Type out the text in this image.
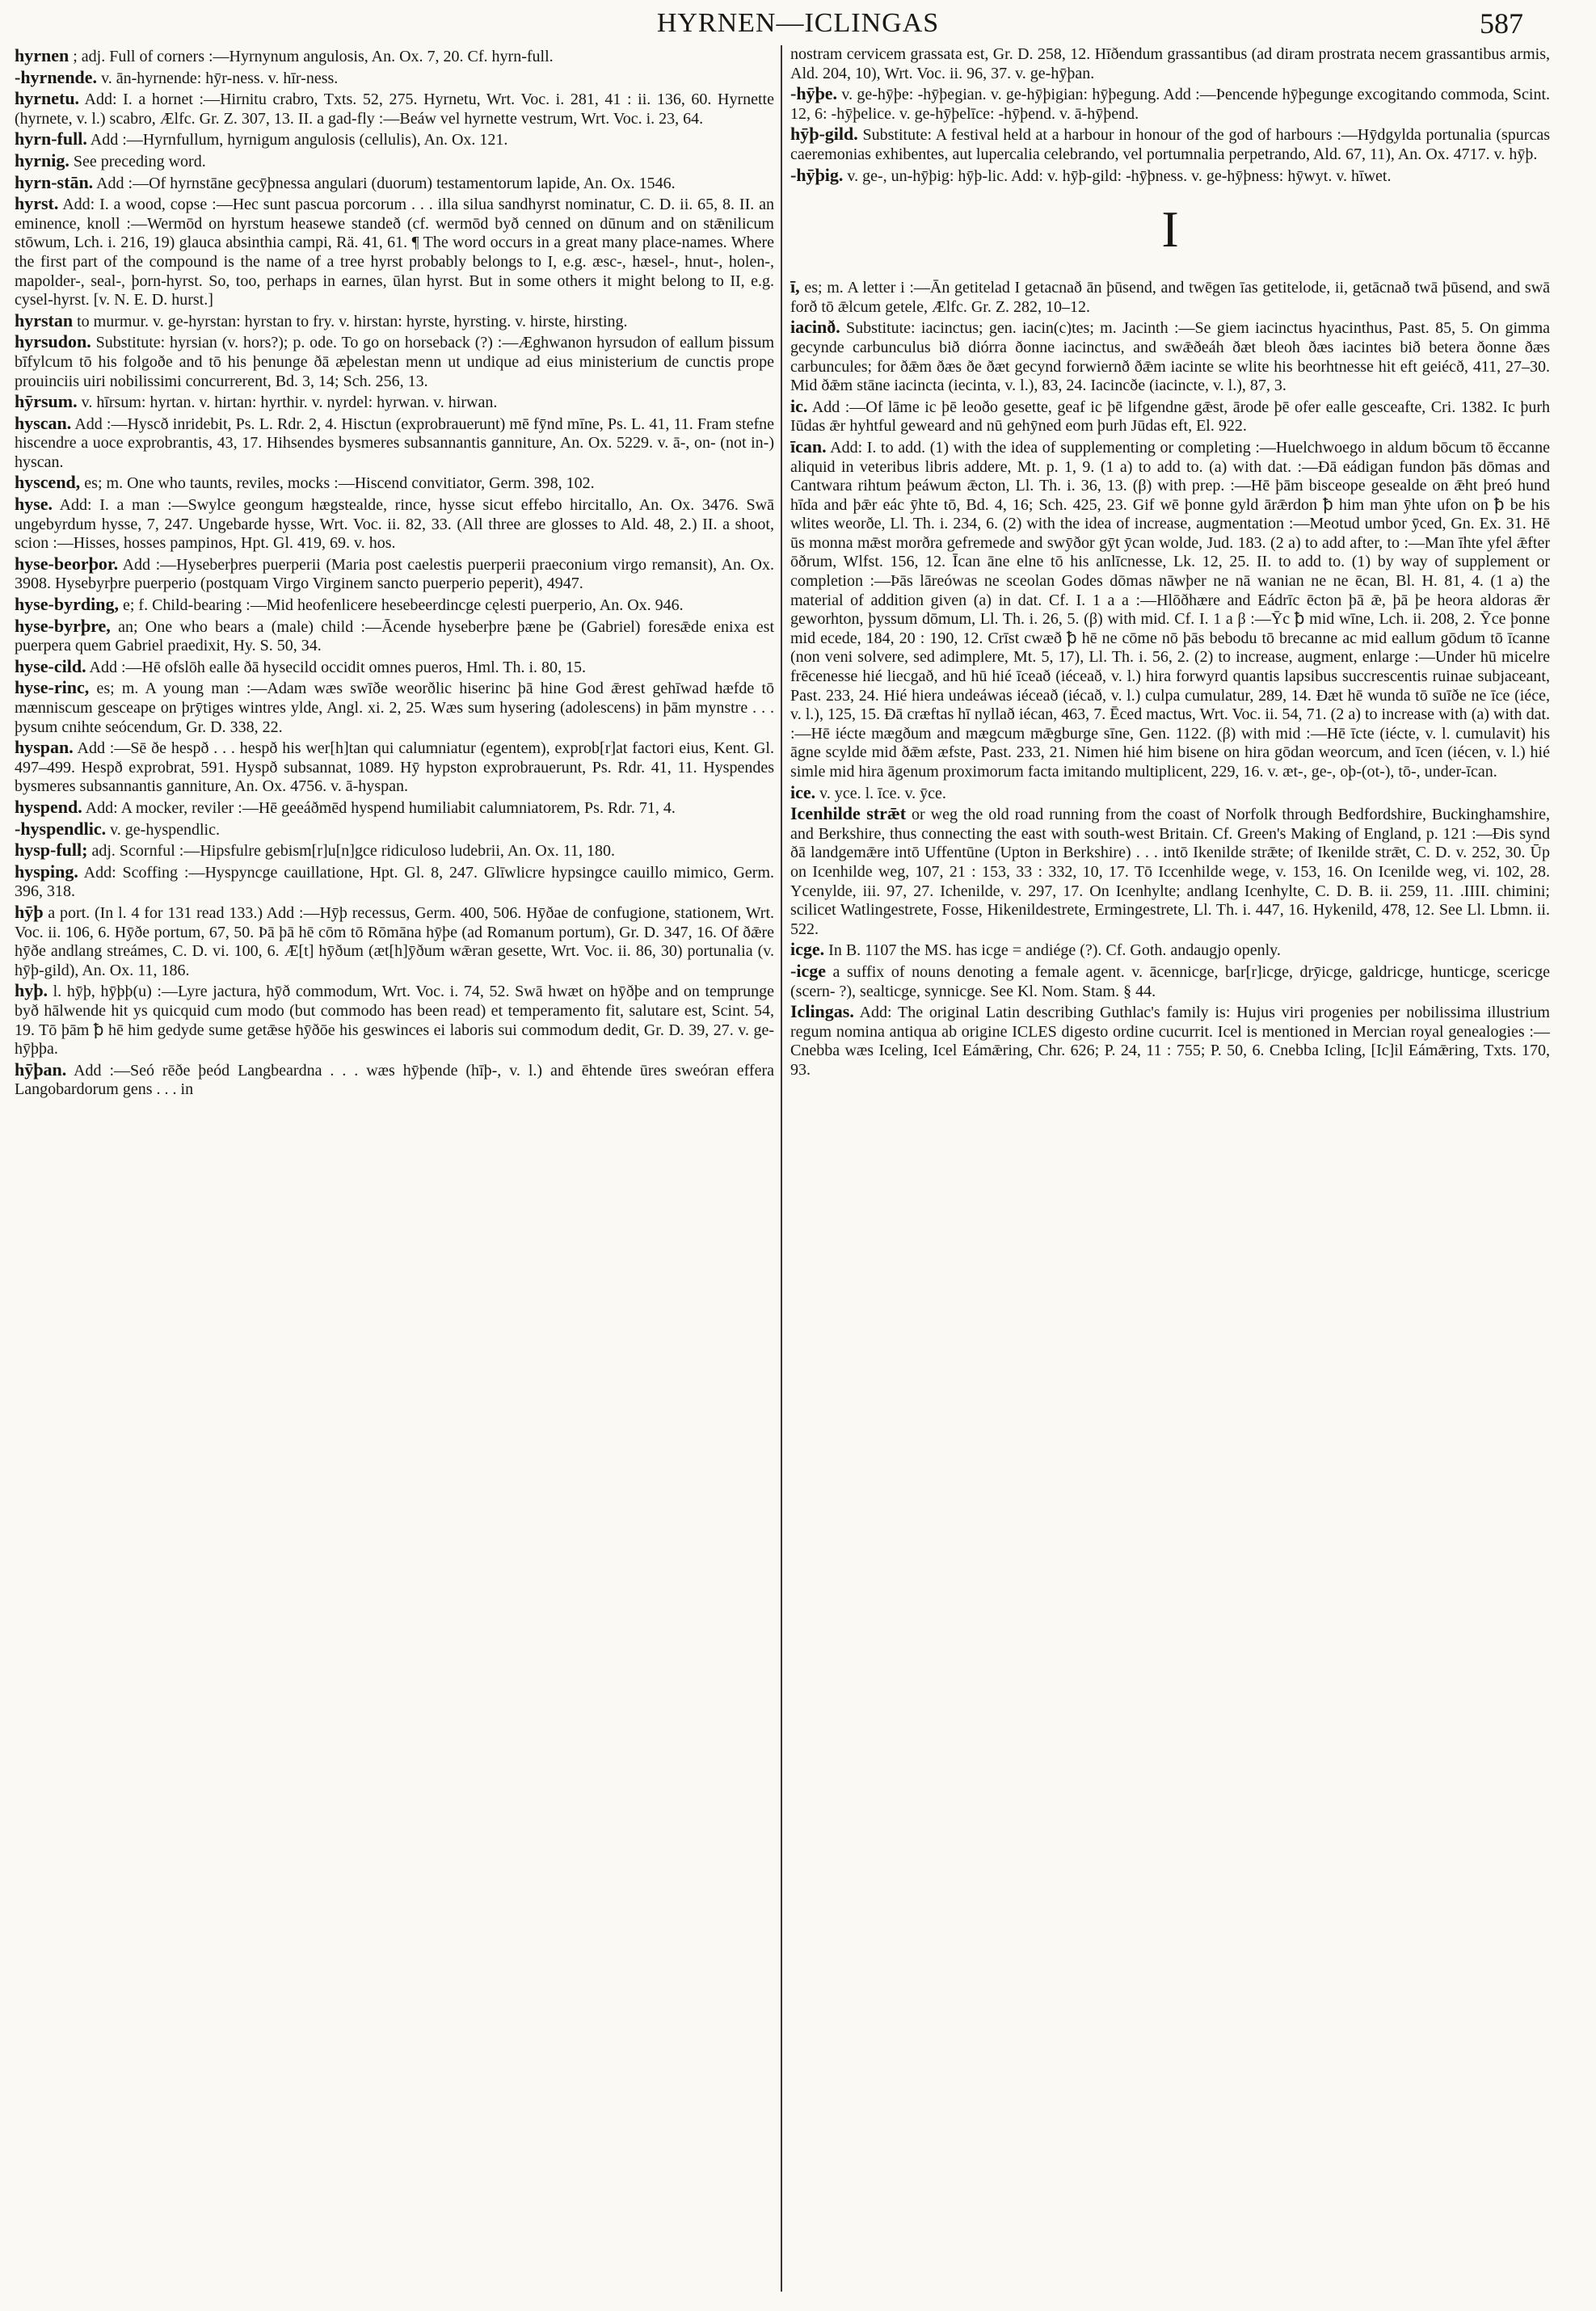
HYRNEN—ICLINGAS	587

hyrnen ; adj. Full of corners :—Hyrnynum angulosis, An. Ox. 7, 20. Cf. hyrn-full.

-hyrnende. v. ān-hyrnende: hȳr-ness. v. hīr-ness.

hyrnetu. Add: I. a hornet :—Hirnitu crabro, Txts. 52, 275. Hyrnetu, Wrt. Voc. i. 281, 41 : ii. 136, 60. Hyrnette (hyrnete, v. l.) scabro, Ælfc. Gr. Z. 307, 13. II. a gad-fly :—Beáw vel hyrnette vestrum, Wrt. Voc. i. 23, 64.

hyrn-full. Add :—Hyrnfullum, hyrnigum angulosis (cellulis), An. Ox. 121.

hyrnig. See preceding word.

hyrn-stān. Add :—Of hyrnstāne gecȳþnessa angulari (duorum) testamentorum lapide, An. Ox. 1546.

hyrst. Add: I. a wood, copse :—Hec sunt pascua porcorum . . . illa silua sandhyrst nominatur, C. D. ii. 65, 8. II. an eminence, knoll :—Wermōd on hyrstum heasewe standeð (cf. wermōd byð cenned on dūnum and on stǣnilicum stōwum, Lch. i. 216, 19) glauca absinthia campi, Rä. 41, 61. ¶ The word occurs in a great many place-names. Where the first part of the compound is the name of a tree hyrst probably belongs to I, e.g. æsc-, hæsel-, hnut-, holen-, mapolder-, seal-, þorn-hyrst. So, too, perhaps in earnes, ūlan hyrst. But in some others it might belong to II, e.g. cysel-hyrst. [v. N. E. D. hurst.]

hyrstan to murmur. v. ge-hyrstan: hyrstan to fry. v. hirstan: hyrste, hyrsting. v. hirste, hirsting.

hyrsudon. Substitute: hyrsian (v. hors?); p. ode. To go on horseback (?) :—Æghwanon hyrsudon of eallum þissum bīfylcum tō his folgoðe and tō his þenunge ðā æþelestan menn ut undique ad eius ministerium de cunctis prope prouinciis uiri nobilissimi concurrerent, Bd. 3, 14; Sch. 256, 13.

hȳrsum. v. hīrsum: hyrtan. v. hirtan: hyrthir. v. nyrdel: hyrwan. v. hirwan.

hyscan. Add :—Hyscð inridebit, Ps. L. Rdr. 2, 4. Hisctun (exprobrauerunt) mē fȳnd mīne, Ps. L. 41, 11. Fram stefne hiscendre a uoce exprobrantis, 43, 17. Hihsendes bysmeres subsannantis ganniture, An. Ox. 5229. v. ā-, on- (not in-) hyscan.

hyscend, es; m. One who taunts, reviles, mocks :—Hiscend convitiator, Germ. 398, 102.

hyse. Add: I. a man :—Swylce geongum hægstealde, rince, hysse sicut effebo hircitallo, An. Ox. 3476. Swā ungebyrdum hysse, 7, 247. Ungebarde hysse, Wrt. Voc. ii. 82, 33. (All three are glosses to Ald. 48, 2.) II. a shoot, scion :—Hisses, hosses pampinos, Hpt. Gl. 419, 69. v. hos.

hyse-beorþor. Add :—Hyseberþres puerperii (Maria post caelestis puerperii praeconium virgo remansit), An. Ox. 3908. Hysebyrþre puerperio (postquam Virgo Virginem sancto puerperio peperit), 4947.

hyse-byrding, e; f. Child-bearing :—Mid heofenlicere hesebeerdincge cęlesti puerperio, An. Ox. 946.

hyse-byrþre, an; One who bears a (male) child :—Ācende hyseberþre þæne þe (Gabriel) foresǣde enixa est puerpera quem Gabriel praedixit, Hy. S. 50, 34.

hyse-cild. Add :—Hē ofslōh ealle ðā hysecild occidit omnes pueros, Hml. Th. i. 80, 15.

hyse-rinc, es; m. A young man :—Adam wæs swīðe weorðlic hiserinc þā hine God ǣrest gehīwad hæfde tō mænniscum gesceape on þrȳtiges wintres ylde, Angl. xi. 2, 25. Wæs sum hysering (adolescens) in þām mynstre . . . þysum cnihte seócendum, Gr. D. 338, 22.

hyspan. Add :—Sē ðe hespð . . . hespð his wer[h]tan qui calumniatur (egentem), exprob[r]at factori eius, Kent. Gl. 497–499. Hespð exprobrat, 591. Hyspð subsannat, 1089. Hȳ hypston exprobrauerunt, Ps. Rdr. 41, 11. Hyspendes bysmeres subsannantis ganniture, An. Ox. 4756. v. ā-hyspan.

hyspend. Add: A mocker, reviler :—Hē geeáðmēd hyspend humiliabit calumniatorem, Ps. Rdr. 71, 4.

-hyspendlic. v. ge-hyspendlic.

hysp-full; adj. Scornful :—Hipsfulre gebism[r]u[n]gce ridiculoso ludebrii, An. Ox. 11, 180.

hysping. Add: Scoffing :—Hyspyncge cauillatione, Hpt. Gl. 8, 247. Glīwlicre hypsingce cauillo mimico, Germ. 396, 318.

hȳþ a port. (In l. 4 for 131 read 133.) Add :—Hȳþ recessus, Germ. 400, 506. Hȳðae de confugione, stationem, Wrt. Voc. ii. 106, 6. Hȳðe portum, 67, 50. Þā þā hē cōm tō Rōmāna hȳþe (ad Romanum portum), Gr. D. 347, 16. Of ðǣre hȳðe andlang streámes, C. D. vi. 100, 6. Æ[t] hȳðum (æt[h]ȳðum wǣran gesette, Wrt. Voc. ii. 86, 30) portunalia (v. hȳþ-gild), An. Ox. 11, 186.

hyþ. l. hȳþ, hȳþþ(u) :—Lyre jactura, hȳð commodum, Wrt. Voc. i. 74, 52. Swā hwæt on hȳðþe and on temprunge byð hālwende hit ys quicquid cum modo (but commodo has been read) et temperamento fit, salutare est, Scint. 54, 19. Tō þām ꝥ hē him gedyde sume getǣse hȳðōe his geswinces ei laboris sui commodum dedit, Gr. D. 39, 27. v. ge-hȳþþa.

hȳþan. Add :—Seó rēðe þeód Langbeardna . . . wæs hȳþende (hīþ-, v. l.) and ēhtende ūres sweóran effera Langobardorum gens . . . in

nostram cervicem grassata est, Gr. D. 258, 12. Hīðendum grassantibus (ad diram prostrata necem grassantibus armis, Ald. 204, 10), Wrt. Voc. ii. 96, 37. v. ge-hȳþan.

-hȳþe. v. ge-hȳþe: -hȳþegian. v. ge-hȳþigian: hȳþegung. Add :—Þencende hȳþegunge excogitando commoda, Scint. 12, 6: -hȳþelice. v. ge-hȳþelīce: -hȳþend. v. ā-hȳþend.

hȳþ-gild. Substitute: A festival held at a harbour in honour of the god of harbours :—Hȳdgylda portunalia (spurcas caeremonias exhibentes, aut lupercalia celebrando, vel portumnalia perpetrando, Ald. 67, 11), An. Ox. 4717. v. hȳþ.

-hȳþig. v. ge-, un-hȳþig: hȳþ-lic. Add: v. hȳþ-gild: -hȳþness. v. ge-hȳþness: hȳwyt. v. hīwet.

I

ī, es; m. A letter i :—Ān getitelad I getacnað ān þūsend, and twēgen īas getitelode, ii, getācnað twā þūsend, and swā forð tō ǣlcum getele, Ælfc. Gr. Z. 282, 10–12.

iacinð. Substitute: iacinctus; gen. iacin(c)tes; m. Jacinth :—Se giem iacinctus hyacinthus, Past. 85, 5. On gimma gecynde carbunculus bið diórra ðonne iacinctus, and swǣðeáh ðæt bleoh ðæs iacintes bið betera ðonne ðæs carbuncules; for ðǣm ðæs ðe ðæt gecynd forwiernð ðǣm iacinte se wlite his beorhtnesse hit eft geiécð, 411, 27–30. Mid ðǣm stāne iacincta (iecinta, v. l.), 83, 24. Iacincðe (iacincte, v. l.), 87, 3.

ic. Add :—Of lāme ic þē leoðo gesette, geaf ic þē lifgendne gǣst, ārode þē ofer ealle gesceafte, Cri. 1382. Ic þurh Iūdas ǣr hyhtful geweard and nū gehȳned eom þurh Jūdas eft, El. 922.

īcan. Add: I. to add. (1) with the idea of supplementing or completing :—Huelchwoego in aldum bōcum tō ēccanne aliquid in veteribus libris addere, Mt. p. 1, 9. (1 a) to add to. (a) with dat. :—Ðā eádigan fundon þās dōmas and Cantwara rihtum þeáwum ǣcton, Ll. Th. i. 36, 13. (β) with prep. :—Hē þām bisceope gesealde on ǣht þreó hund hīda and þǣr eác ȳhte tō, Bd. 4, 16; Sch. 425, 23. Gif wē þonne gyld ārǣrdon ꝥ him man ȳhte ufon on ꝥ be his wlites weorðe, Ll. Th. i. 234, 6. (2) with the idea of increase, augmentation :—Meotud umbor ȳced, Gn. Ex. 31. Hē ūs monna mǣst morðra gefremede and swȳðor gȳt ȳcan wolde, Jud. 183. (2 a) to add after, to :—Man īhte yfel ǣfter ōðrum, Wlfst. 156, 12. Īcan āne elne tō his anlīcnesse, Lk. 12, 25. II. to add to. (1) by way of supplement or completion :—Þās lāreówas ne sceolan Godes dōmas nāwþer ne nā wanian ne ne ēcan, Bl. H. 81, 4. (1 a) the material of addition given (a) in dat. Cf. I. 1 a a :—Hlōðhære and Eádrīc ēcton þā ǣ, þā þe heora aldoras ǣr geworhton, þyssum dōmum, Ll. Th. i. 26, 5. (β) with mid. Cf. I. 1 a β :—Ȳc ꝥ mid wīne, Lch. ii. 208, 2. Ȳce þonne mid ecede, 184, 20 : 190, 12. Crīst cwæð ꝥ hē ne cōme nō þās bebodu tō brecanne ac mid eallum gōdum tō īcanne (non veni solvere, sed adimplere, Mt. 5, 17), Ll. Th. i. 56, 2. (2) to increase, augment, enlarge :—Under hū micelre frēcenesse hié liecgað, and hū hié īceað (iéceað, v. l.) hira forwyrd quantis lapsibus succrescentis ruinae subjaceant, Past. 233, 24. Hié hiera undeáwas iéceað (iécað, v. l.) culpa cumulatur, 289, 14. Ðæt hē wunda tō suīðe ne īce (iéce, v. l.), 125, 15. Ðā cræftas hī nyllað iécan, 463, 7. Ēced mactus, Wrt. Voc. ii. 54, 71. (2 a) to increase with (a) with dat. :—Hē iécte mægðum and mægcum mǣgburge sīne, Gen. 1122. (β) with mid :—Hē īcte (iécte, v. l. cumulavit) his āgne scylde mid ðǣm æfste, Past. 233, 21. Nimen hié him bisene on hira gōdan weorcum, and īcen (iécen, v. l.) hié simle mid hira āgenum proximorum facta imitando multiplicent, 229, 16. v. æt-, ge-, oþ-(ot-), tō-, under-īcan.

ice. v. yce. l. īce. v. ȳce.

Icenhilde strǣt or weg the old road running from the coast of Norfolk through Bedfordshire, Buckinghamshire, and Berkshire, thus connecting the east with south-west Britain. Cf. Green's Making of England, p. 121 :—Ðis synd ðā landgemǣre intō Uffentūne (Upton in Berkshire) . . . intō Ikenilde strǣte; of Ikenilde strǣt, C. D. v. 252, 30. Ūp on Icenhilde weg, 107, 21 : 153, 33 : 332, 10, 17. Tō Iccenhilde wege, v. 153, 16. On Icenilde weg, vi. 102, 28. Ycenylde, iii. 97, 27. Ichenilde, v. 297, 17. On Icenhylte; andlang Icenhylte, C. D. B. ii. 259, 11. .IIII. chimini; scilicet Watlingestrete, Fosse, Hikenildestrete, Ermingestrete, Ll. Th. i. 447, 16. Hykenild, 478, 12. See Ll. Lbmn. ii. 522.

icge. In B. 1107 the MS. has icge = andiége (?). Cf. Goth. andaugjo openly.

-icge a suffix of nouns denoting a female agent. v. ācennicge, bar[r]icge, drȳicge, galdricge, hunticge, scericge (scern- ?), sealticge, synnicge. See Kl. Nom. Stam. § 44.

Iclingas. Add: The original Latin describing Guthlac's family is: Hujus viri progenies per nobilissima illustrium regum nomina antiqua ab origine ICLES digesto ordine cucurrit. Icel is mentioned in Mercian royal genealogies :—Cnebba wæs Iceling, Icel Eámǣring, Chr. 626; P. 24, 11 : 755; P. 50, 6. Cnebba Icling, [Ic]il Eámǣring, Txts. 170, 93.
